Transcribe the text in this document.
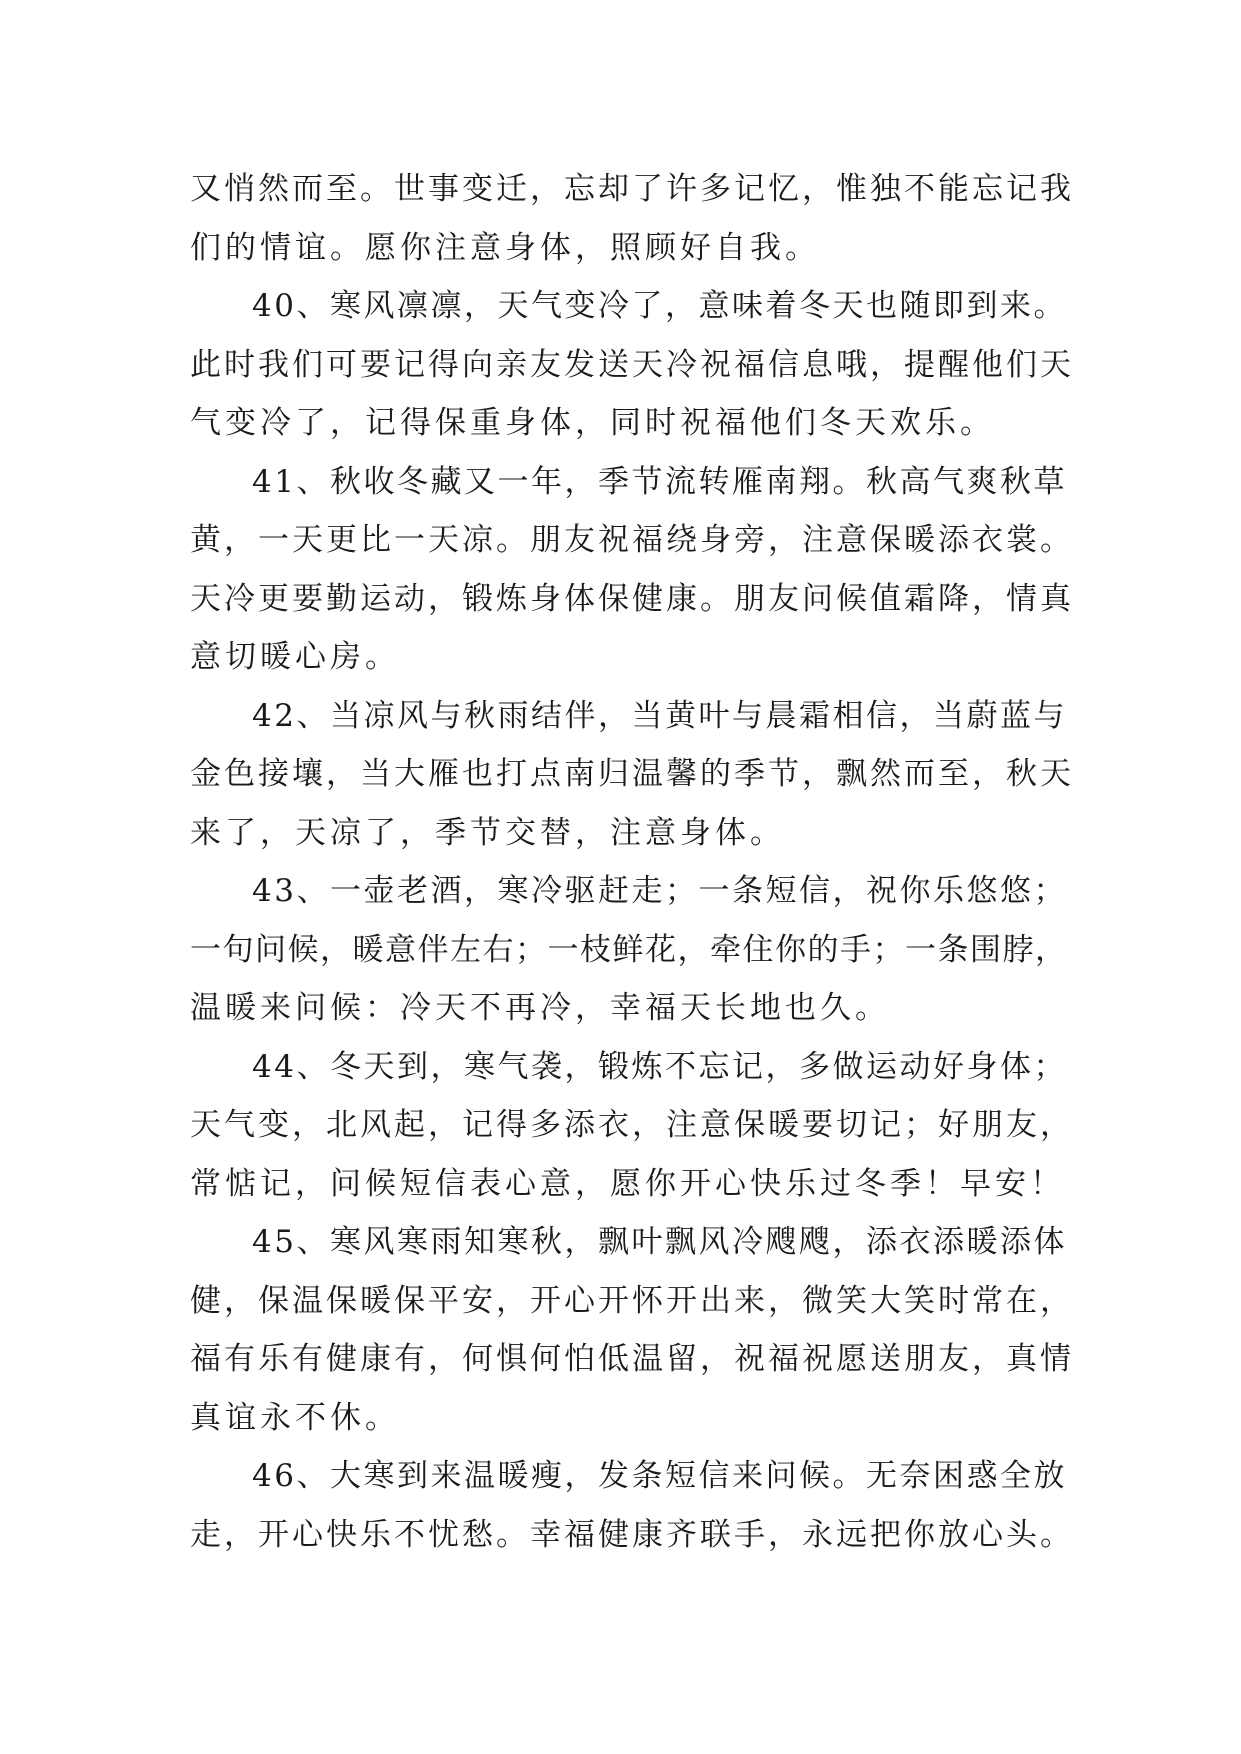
又悄然而至。世事变迁，忘却了许多记忆，惟独不能忘记我
们的情谊。愿你注意身体，照顾好自我。
40、寒风凛凛，天气变冷了，意味着冬天也随即到来。
此时我们可要记得向亲友发送天冷祝福信息哦，提醒他们天
气变冷了，记得保重身体，同时祝福他们冬天欢乐。
41、秋收冬藏又一年，季节流转雁南翔。秋高气爽秋草
黄，一天更比一天凉。朋友祝福绕身旁，注意保暖添衣裳。
天冷更要勤运动，锻炼身体保健康。朋友问候值霜降，情真
意切暖心房。
42、当凉风与秋雨结伴，当黄叶与晨霜相信，当蔚蓝与
金色接壤，当大雁也打点南归温馨的季节，飘然而至，秋天
来了，天凉了，季节交替，注意身体。
43、一壶老酒，寒冷驱赶走；一条短信，祝你乐悠悠；
一句问候，暖意伴左右；一枝鲜花，牵住你的手；一条围脖，
温暖来问候：冷天不再冷，幸福天长地也久。
44、冬天到，寒气袭，锻炼不忘记，多做运动好身体；
天气变，北风起，记得多添衣，注意保暖要切记；好朋友，
常惦记，问候短信表心意，愿你开心快乐过冬季！早安！
45、寒风寒雨知寒秋，飘叶飘风冷飕飕，添衣添暖添体
健，保温保暖保平安，开心开怀开出来，微笑大笑时常在，
福有乐有健康有，何惧何怕低温留，祝福祝愿送朋友，真情
真谊永不休。
46、大寒到来温暖瘦，发条短信来问候。无奈困惑全放
走，开心快乐不忧愁。幸福健康齐联手，永远把你放心头。
